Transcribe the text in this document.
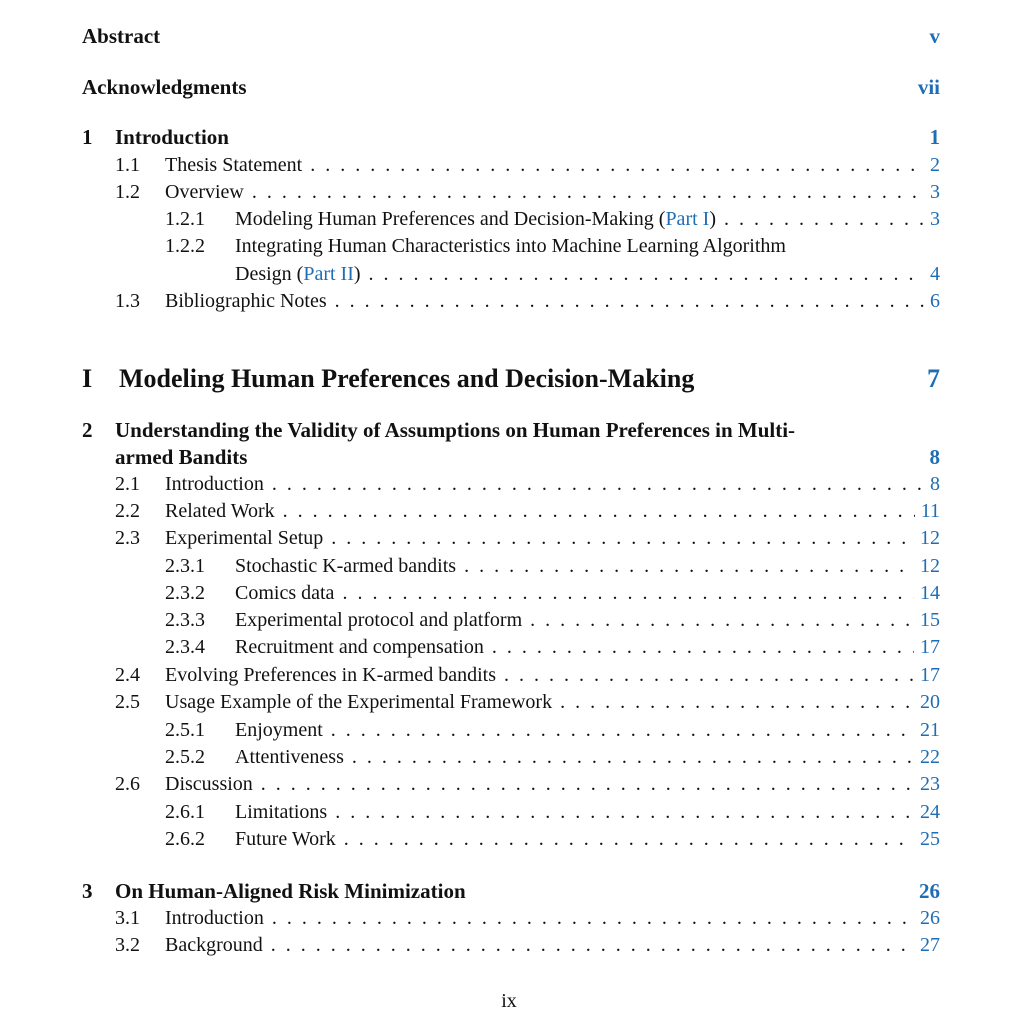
Abstract	v
Acknowledgments	vii
1	Introduction	1
1.1	Thesis Statement . . .	2
1.2	Overview . . .	3
1.2.1	Modeling Human Preferences and Decision-Making (Part I) . . .	3
1.2.2 Integrating Human Characteristics into Machine Learning Algorithm
Design (Part II) . . .	4
1.3	Bibliographic Notes . . .	6
I	Modeling Human Preferences and Decision-Making	7
2 Understanding the Validity of Assumptions on Human Preferences in Multi-
armed Bandits	8
2.1	Introduction . . .	8
2.2	Related Work . . .	11
2.3	Experimental Setup . . .	12
2.3.1	Stochastic K-armed bandits . . .	12
2.3.2	Comics data . . .	14
2.3.3	Experimental protocol and platform . . .	15
2.3.4	Recruitment and compensation . . .	17
2.4	Evolving Preferences in K-armed bandits . . .	17
2.5	Usage Example of the Experimental Framework . . .	20
2.5.1	Enjoyment . . .	21
2.5.2	Attentiveness . . .	22
2.6	Discussion . . .	23
2.6.1	Limitations . . .	24
2.6.2	Future Work . . .	25
3	On Human-Aligned Risk Minimization	26
3.1	Introduction . . .	26
3.2	Background . . .	27
ix
